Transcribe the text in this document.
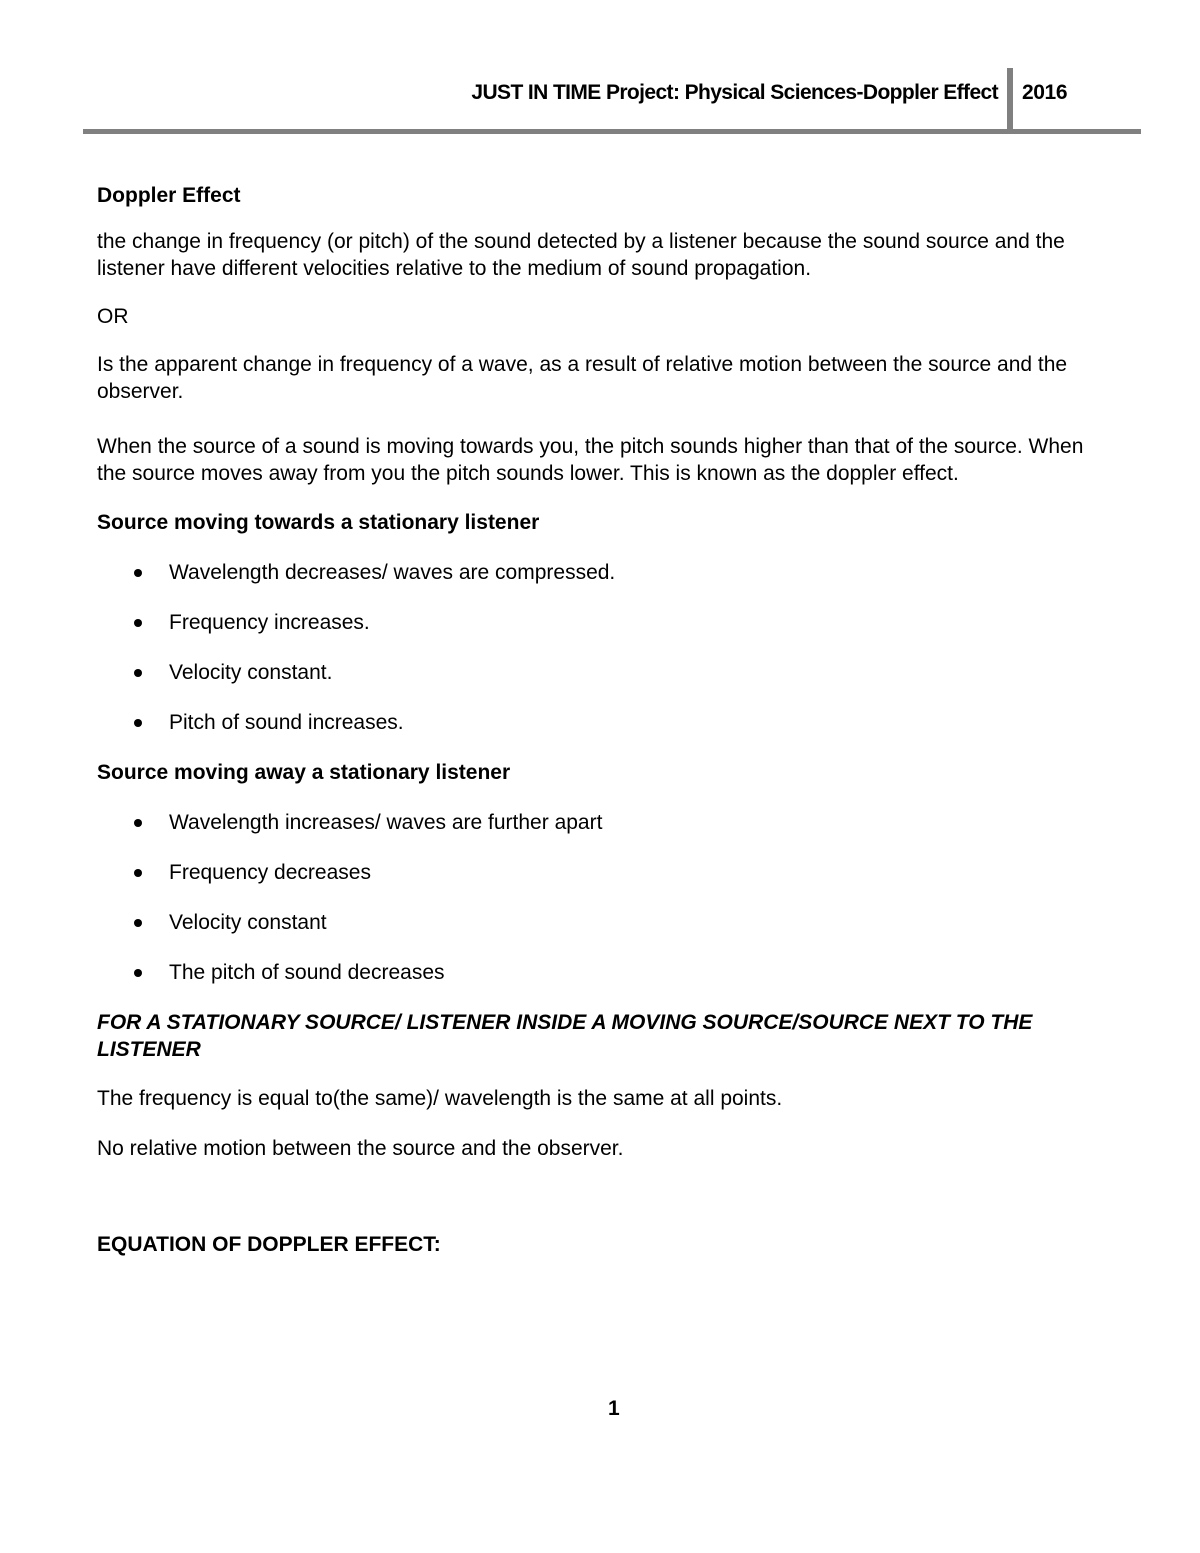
JUST IN TIME Project: Physical Sciences-Doppler Effect 2016

Doppler Effect

the change in frequency (or pitch) of the sound detected by a listener because the sound source and the listener have different velocities relative to the medium of sound propagation.

OR

Is the apparent change in frequency of a wave, as a result of relative motion between the source and the observer.

When the source of a sound is moving towards you, the pitch sounds higher than that of the source. When the source moves away from you the pitch sounds lower. This is known as the doppler effect.

Source moving towards a stationary listener

Wavelength decreases/ waves are compressed.
Frequency increases.
Velocity constant.
Pitch of sound increases.

Source moving away a stationary listener

Wavelength increases/ waves are further apart
Frequency decreases
Velocity constant
The pitch of sound decreases

FOR A STATIONARY SOURCE/ LISTENER INSIDE A MOVING SOURCE/SOURCE NEXT TO THE LISTENER

The frequency is equal to(the same)/ wavelength is the same at all points.

No relative motion between the source and the observer.

EQUATION OF DOPPLER EFFECT:

1
